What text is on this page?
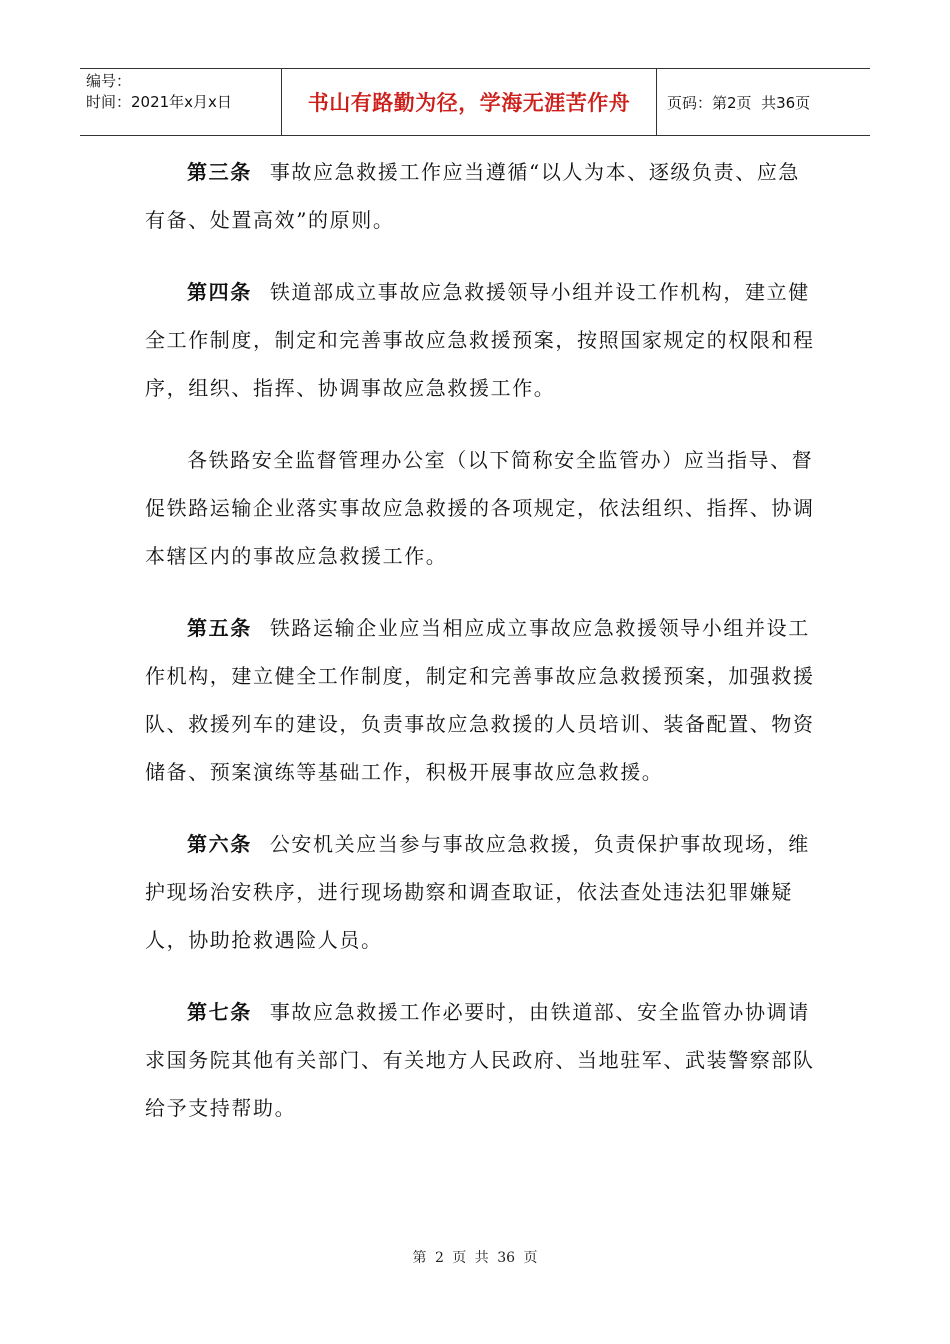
编号：
时间：2021年x月x日	书山有路勤为径，学海无涯苦作舟	页码：第2页  共36页

第三条 事故应急救援工作应当遵循“以人为本、逐级负责、应急有备、处置高效”的原则。

第四条 铁道部成立事故应急救援领导小组并设工作机构，建立健全工作制度，制定和完善事故应急救援预案，按照国家规定的权限和程序，组织、指挥、协调事故应急救援工作。

各铁路安全监督管理办公室（以下简称安全监管办）应当指导、督促铁路运输企业落实事故应急救援的各项规定，依法组织、指挥、协调本辖区内的事故应急救援工作。

第五条 铁路运输企业应当相应成立事故应急救援领导小组并设工作机构，建立健全工作制度，制定和完善事故应急救援预案，加强救援队、救援列车的建设，负责事故应急救援的人员培训、装备配置、物资储备、预案演练等基础工作，积极开展事故应急救援。

第六条 公安机关应当参与事故应急救援，负责保护事故现场，维护现场治安秩序，进行现场勘察和调查取证，依法查处违法犯罪嫌疑人，协助抢救遇险人员。

第七条 事故应急救援工作必要时，由铁道部、安全监管办协调请求国务院其他有关部门、有关地方人民政府、当地驻军、武装警察部队给予支持帮助。

第 2 页 共 36 页
